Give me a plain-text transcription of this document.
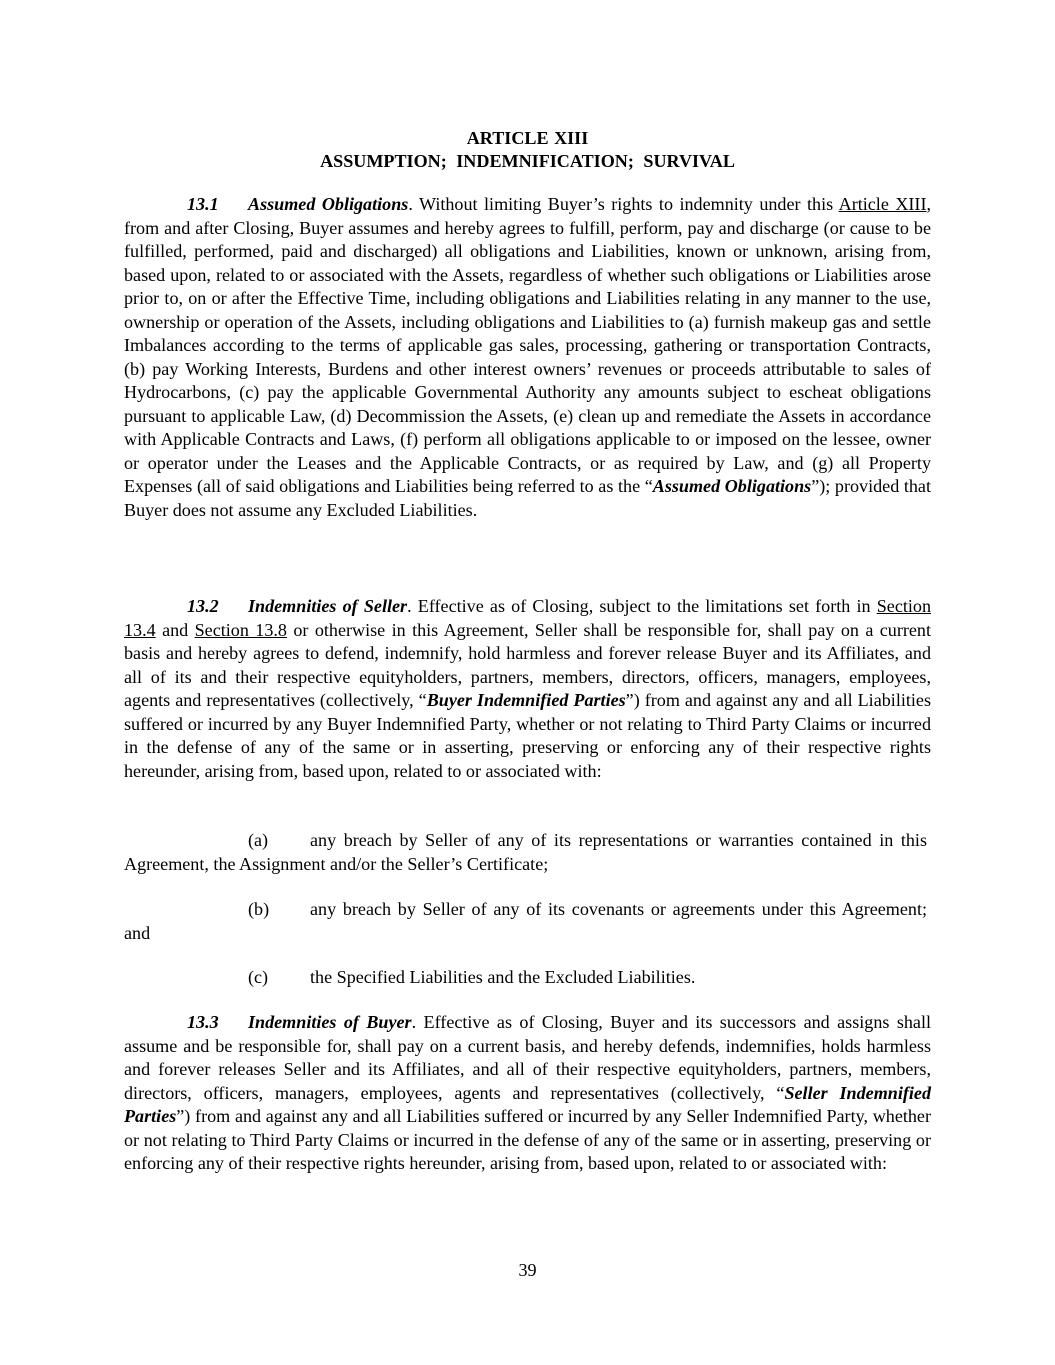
ARTICLE XIII
ASSUMPTION; INDEMNIFICATION; SURVIVAL

13.1 Assumed Obligations. Without limiting Buyer’s rights to indemnity under this Article XIII, from and after Closing, Buyer assumes and hereby agrees to fulfill, perform, pay and discharge (or cause to be fulfilled, performed, paid and discharged) all obligations and Liabilities, known or unknown, arising from, based upon, related to or associated with the Assets, regardless of whether such obligations or Liabilities arose prior to, on or after the Effective Time, including obligations and Liabilities relating in any manner to the use, ownership or operation of the Assets, including obligations and Liabilities to (a) furnish makeup gas and settle Imbalances according to the terms of applicable gas sales, processing, gathering or transportation Contracts, (b) pay Working Interests, Burdens and other interest owners’ revenues or proceeds attributable to sales of Hydrocarbons, (c) pay the applicable Governmental Authority any amounts subject to escheat obligations pursuant to applicable Law, (d) Decommission the Assets, (e) clean up and remediate the Assets in accordance with Applicable Contracts and Laws, (f) perform all obligations applicable to or imposed on the lessee, owner or operator under the Leases and the Applicable Contracts, or as required by Law, and (g) all Property Expenses (all of said obligations and Liabilities being referred to as the “Assumed Obligations”); provided that Buyer does not assume any Excluded Liabilities.

13.2 Indemnities of Seller. Effective as of Closing, subject to the limitations set forth in Section 13.4 and Section 13.8 or otherwise in this Agreement, Seller shall be responsible for, shall pay on a current basis and hereby agrees to defend, indemnify, hold harmless and forever release Buyer and its Affiliates, and all of its and their respective equityholders, partners, members, directors, officers, managers, employees, agents and representatives (collectively, “Buyer Indemnified Parties”) from and against any and all Liabilities suffered or incurred by any Buyer Indemnified Party, whether or not relating to Third Party Claims or incurred in the defense of any of the same or in asserting, preserving or enforcing any of their respective rights hereunder, arising from, based upon, related to or associated with:

(a) any breach by Seller of any of its representations or warranties contained in this Agreement, the Assignment and/or the Seller’s Certificate;

(b) any breach by Seller of any of its covenants or agreements under this Agreement; and

(c) the Specified Liabilities and the Excluded Liabilities.

13.3 Indemnities of Buyer. Effective as of Closing, Buyer and its successors and assigns shall assume and be responsible for, shall pay on a current basis, and hereby defends, indemnifies, holds harmless and forever releases Seller and its Affiliates, and all of their respective equityholders, partners, members, directors, officers, managers, employees, agents and representatives (collectively, “Seller Indemnified Parties”) from and against any and all Liabilities suffered or incurred by any Seller Indemnified Party, whether or not relating to Third Party Claims or incurred in the defense of any of the same or in asserting, preserving or enforcing any of their respective rights hereunder, arising from, based upon, related to or associated with:

39
